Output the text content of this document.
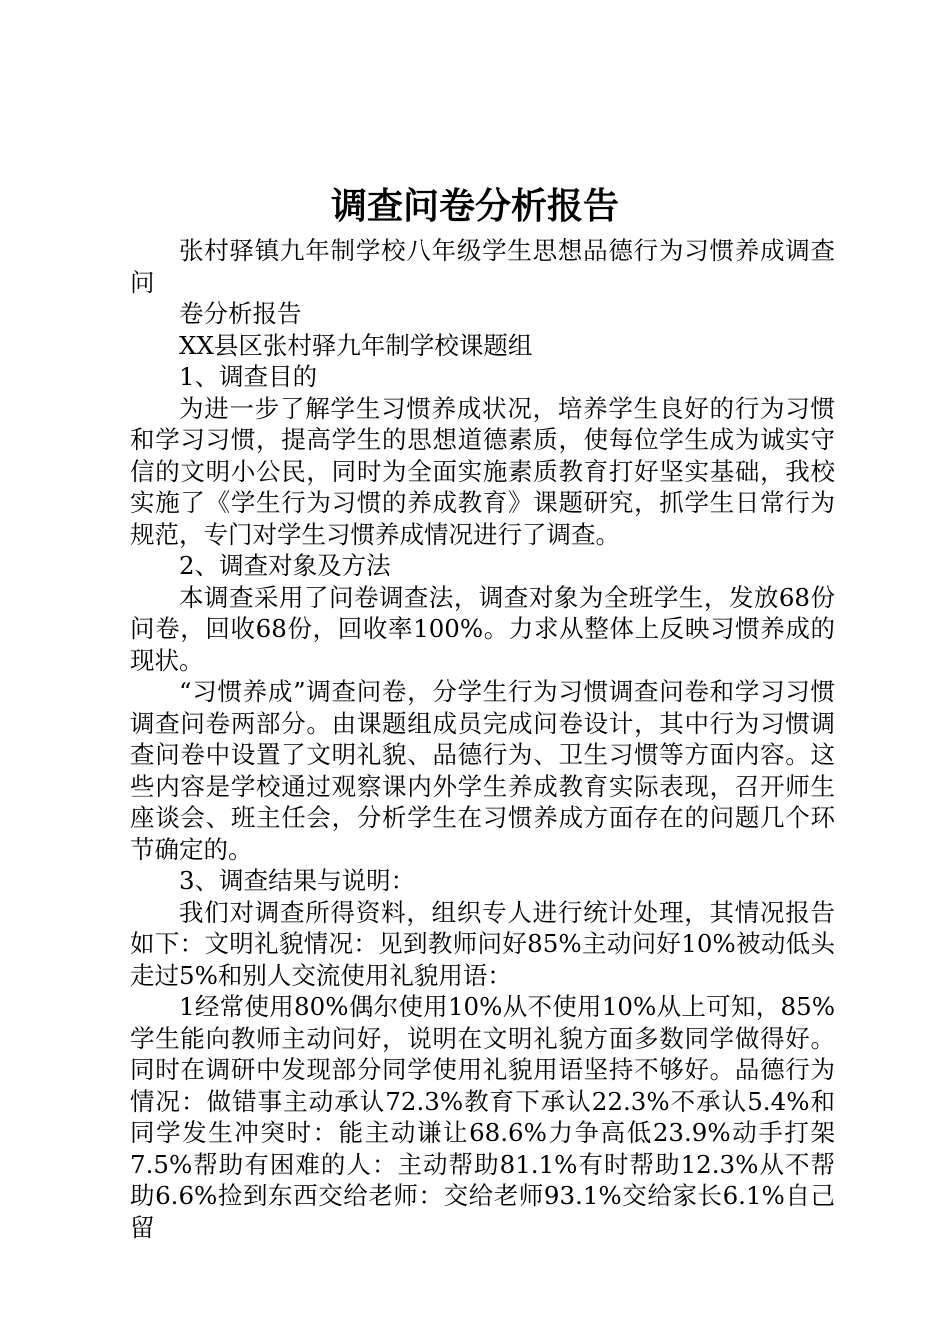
调查问卷分析报告

张村驿镇九年制学校八年级学生思想品德行为习惯养成调查问

卷分析报告

XX县区张村驿九年制学校课题组

1、调查目的

为进一步了解学生习惯养成状况，培养学生良好的行为习惯和学习习惯，提高学生的思想道德素质，使每位学生成为诚实守信的文明小公民，同时为全面实施素质教育打好坚实基础，我校实施了《学生行为习惯的养成教育》课题研究，抓学生日常行为规范，专门对学生习惯养成情况进行了调查。

2、调查对象及方法

本调查采用了问卷调查法，调查对象为全班学生，发放68份问卷，回收68份，回收率100%。力求从整体上反映习惯养成的现状。

“习惯养成”调查问卷，分学生行为习惯调查问卷和学习习惯调查问卷两部分。由课题组成员完成问卷设计，其中行为习惯调查问卷中设置了文明礼貌、品德行为、卫生习惯等方面内容。这些内容是学校通过观察课内外学生养成教育实际表现，召开师生座谈会、班主任会，分析学生在习惯养成方面存在的问题几个环节确定的。

3、调查结果与说明：

我们对调查所得资料，组织专人进行统计处理，其情况报告如下：文明礼貌情况：见到教师问好85%主动问好10%被动低头走过5%和别人交流使用礼貌用语：

1经常使用80%偶尔使用10%从不使用10%从上可知，85%学生能向教师主动问好，说明在文明礼貌方面多数同学做得好。同时在调研中发现部分同学使用礼貌用语坚持不够好。品德行为情况：做错事主动承认72.3%教育下承认22.3%不承认5.4%和同学发生冲突时：能主动谦让68.6%力争高低23.9%动手打架7.5%帮助有困难的人：主动帮助81.1%有时帮助12.3%从不帮助6.6%捡到东西交给老师：交给老师93.1%交给家长6.1%自己留
